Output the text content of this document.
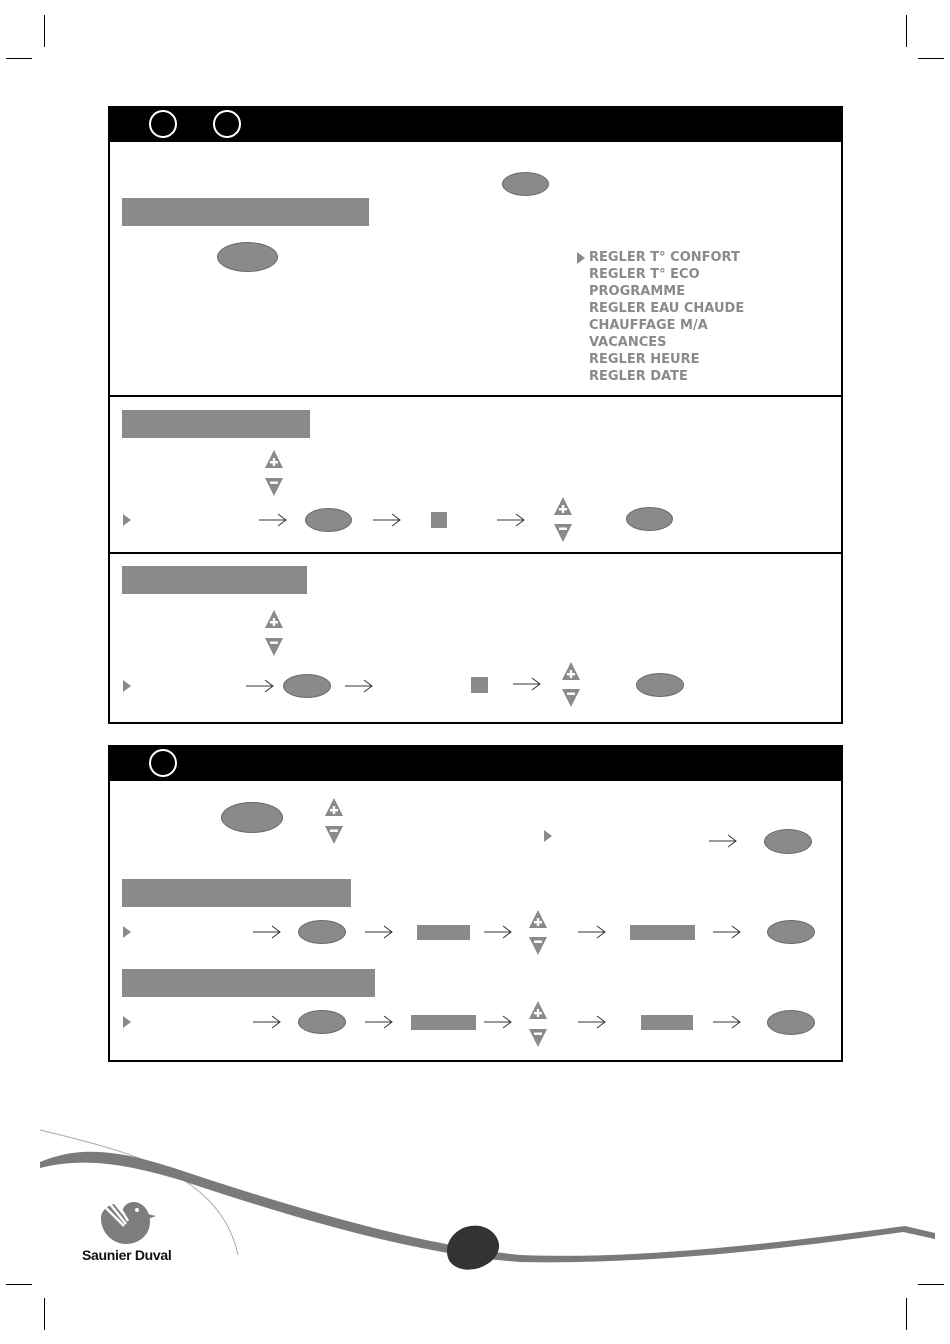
REGLER T° CONFORT
REGLER T° ECO
PROGRAMME
REGLER EAU CHAUDE
CHAUFFAGE M/A
VACANCES
REGLER HEURE
REGLER DATE
Saunier Duval
